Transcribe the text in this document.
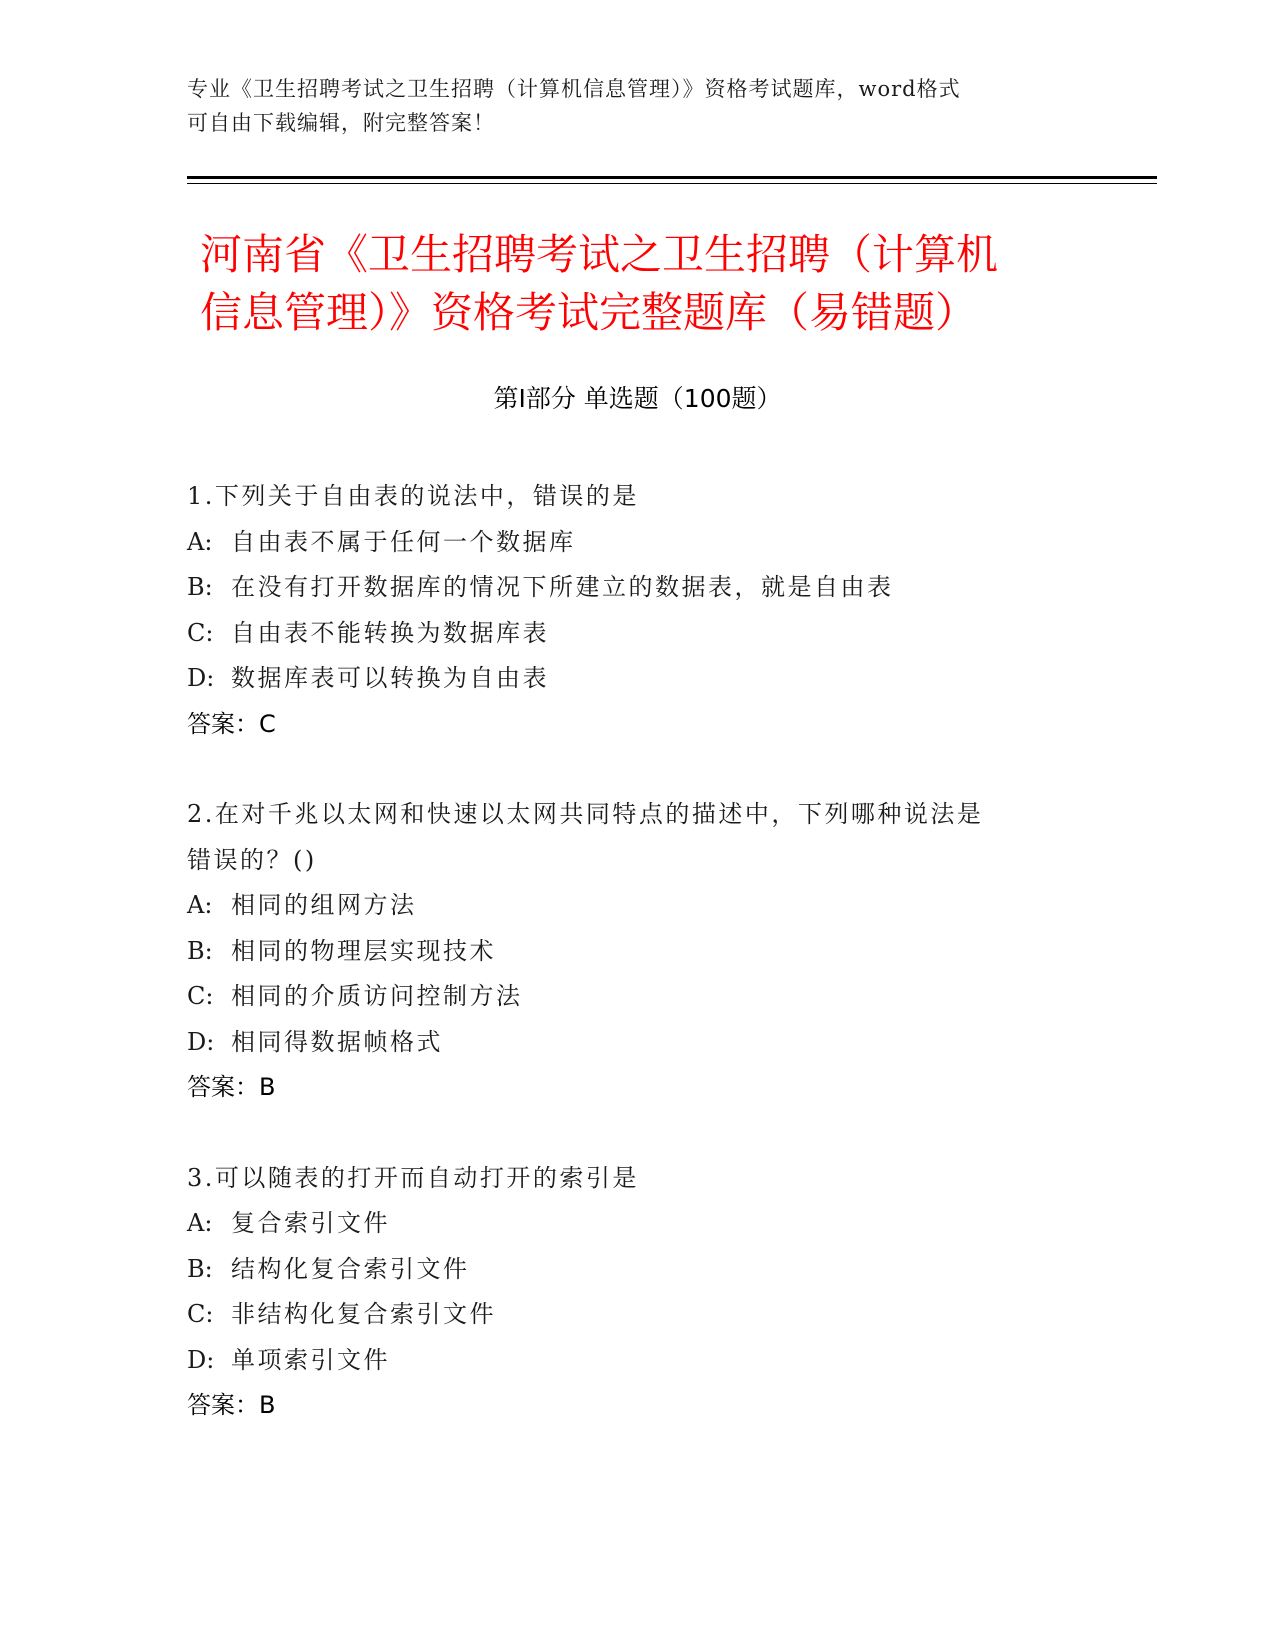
专业《卫生招聘考试之卫生招聘（计算机信息管理）》资格考试题库，word格式
可自由下载编辑，附完整答案！
河南省《卫生招聘考试之卫生招聘（计算机
信息管理）》资格考试完整题库（易错题）
第Ⅰ部分 单选题（100题）
1.下列关于自由表的说法中，错误的是
A: 自由表不属于任何一个数据库
B: 在没有打开数据库的情况下所建立的数据表，就是自由表
C: 自由表不能转换为数据库表
D: 数据库表可以转换为自由表
答案：C
2.在对千兆以太网和快速以太网共同特点的描述中，下列哪种说法是
错误的？()
A: 相同的组网方法
B: 相同的物理层实现技术
C: 相同的介质访问控制方法
D: 相同得数据帧格式
答案：B
3.可以随表的打开而自动打开的索引是
A: 复合索引文件
B: 结构化复合索引文件
C: 非结构化复合索引文件
D: 单项索引文件
答案：B
